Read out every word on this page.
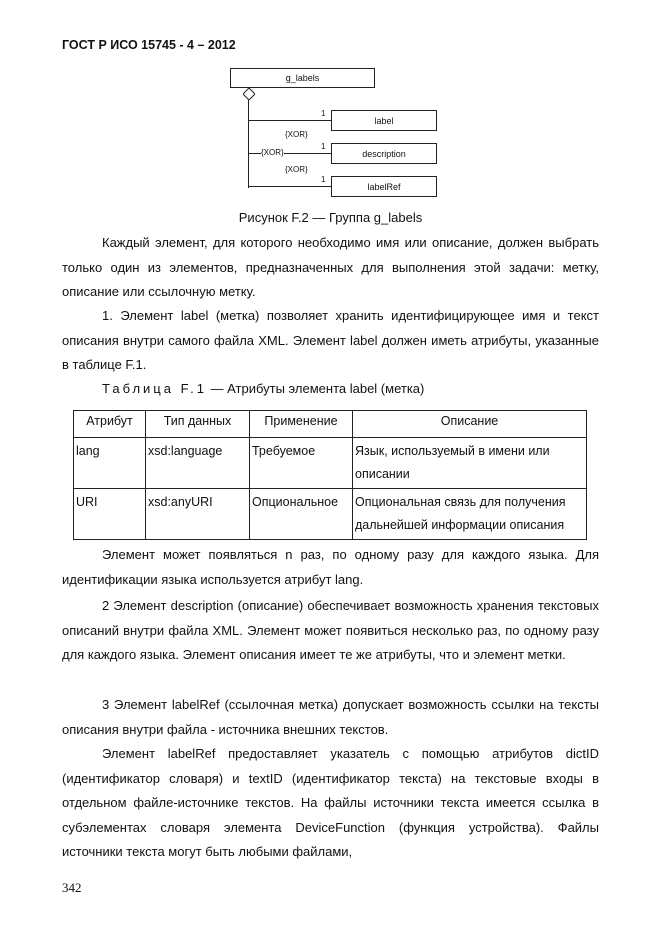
ГОСТ Р ИСО 15745 - 4 – 2012
g_labels
1
1
1
{XOR}
{XOR}
{XOR}
label
description
labelRef
Рисунок F.2 — Группа g_labels

Каждый элемент, для которого необходимо имя или описание, должен выбрать только один из элементов, предназначенных для выполнения этой задачи: метку, описание или ссылочную метку.

1. Элемент label (метка) позволяет хранить идентифицирующее имя и текст описания внутри самого файла XML. Элемент label должен иметь атрибуты, указанные в таблице F.1.

Таблица F.1 — Атрибуты элемента label (метка)
Атрибут	Тип данных	Применение	Описание
lang	xsd:language	Требуемое	Язык, используемый в имени или описании
URI	xsd:anyURI	Опциональное	Опциональная связь для получения дальнейшей информации описания

Элемент может появляться n раз, по одному разу для каждого языка. Для идентификации языка используется атрибут lang.

2 Элемент description (описание) обеспечивает возможность хранения текстовых описаний внутри файла XML. Элемент может появиться несколько раз, по одному разу для каждого языка. Элемент описания имеет те же атрибуты, что и элемент метки.

3 Элемент labelRef (ссылочная метка) допускает возможность ссылки на тексты описания внутри файла - источника внешних текстов.

Элемент labelRef предоставляет указатель с помощью атрибутов dictID (идентификатор словаря) и textID (идентификатор текста) на текстовые входы в отдельном файле-источнике текстов. На файлы источники текста имеется ссылка в субэлементах словаря элемента DeviceFunction (функция устройства). Файлы источники текста могут быть любыми файлами,

342
